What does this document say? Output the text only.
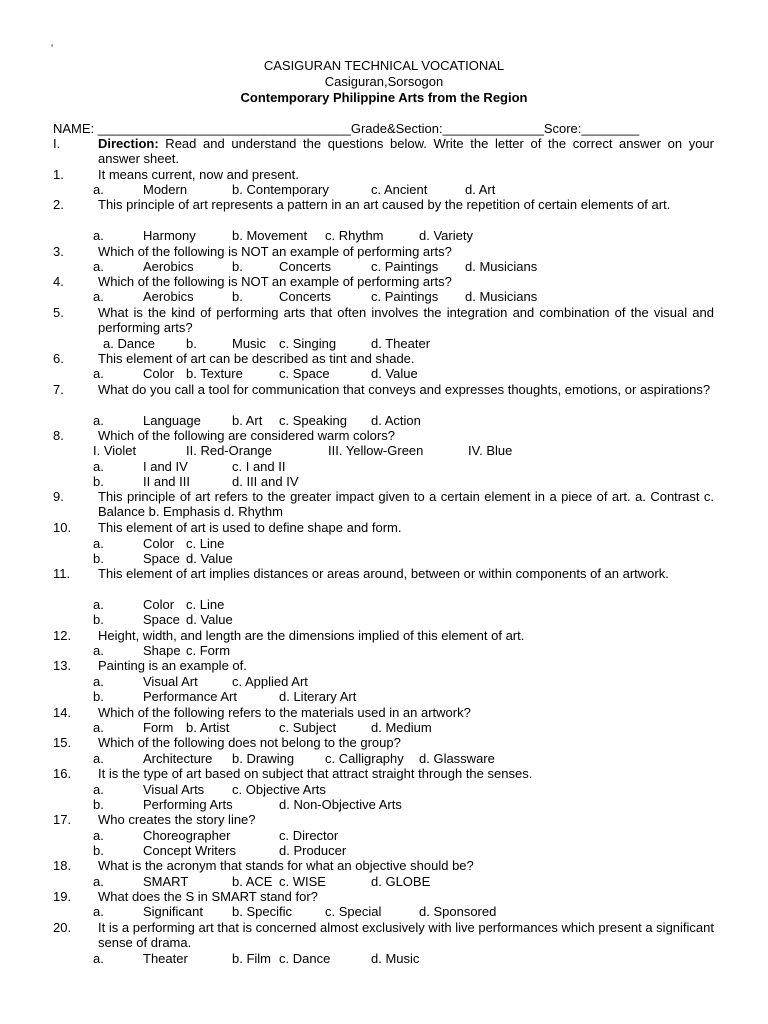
‘
CASIGURAN TECHNICAL VOCATIONAL
Casiguran,Sorsogon
Contemporary Philippine Arts from the Region
NAME: ___________________________________Grade&Section:______________Score:________
I.	Direction: Read and understand the questions below. Write the letter of the correct answer on your answer sheet.
1.	It means current, now and present.
a.	Modern	b. Contemporary	c. Ancient	d. Art
2.	This principle of art represents a pattern in an art caused by the repetition of certain elements of art.
a.	Harmony	b. Movement c. Rhythm	d. Variety
3.	Which of the following is NOT an example of performing arts?
a.	Aerobics	b.	Concerts	c. Paintings d. Musicians
4.	Which of the following is NOT an example of performing arts?
a.	Aerobics	b.	Concerts	c. Paintings d. Musicians
5.	What is the kind of performing arts that often involves the integration and combination of the visual and performing arts?
a. Dance b.	Music c. Singing	d. Theater
6.	This element of art can be described as tint and shade.
a.	Color b. Texture	c. Space	d. Value
7.	What do you call a tool for communication that conveys and expresses thoughts, emotions, or aspirations?
a.	Language b. Art c. Speaking d. Action
8.	Which of the following are considered warm colors?
I. Violet	II. Red-Orange	III. Yellow-Green	IV. Blue
a.	I and IV	c. I and II
b.	II and III	d. III and IV
9.	This principle of art refers to the greater impact given to a certain element in a piece of art. a. Contrast c. Balance b. Emphasis d. Rhythm
10. This element of art is used to define shape and form.
a.	Color c. Line
b.	Space d. Value
11. This element of art implies distances or areas around, between or within components of an artwork.
a.	Color c. Line
b.	Space d. Value
12. Height, width, and length are the dimensions implied of this element of art.
a.	Shape c. Form
13. Painting is an example of.
a.	Visual Art	c. Applied Art
b.	Performance Art	d. Literary Art
14. Which of the following refers to the materials used in an artwork?
a.	Form b. Artist	c. Subject	d. Medium
15. Which of the following does not belong to the group?
a.	Architecture b. Drawing c. Calligraphy d. Glassware
16. It is the type of art based on subject that attract straight through the senses.
a.	Visual Arts c. Objective Arts
b.	Performing Arts	d. Non-Objective Arts
17. Who creates the story line?
a.	Choreographer	c. Director
b.	Concept Writers	d. Producer
18. What is the acronym that stands for what an objective should be?
a.	SMART	b. ACE c. WISE	d. GLOBE
19. What does the S in SMART stand for?
a.	Significant b. Specific	c. Special	d. Sponsored
20. It is a performing art that is concerned almost exclusively with live performances which present a significant sense of drama.
a.	Theater	b. Film c. Dance	d. Music
